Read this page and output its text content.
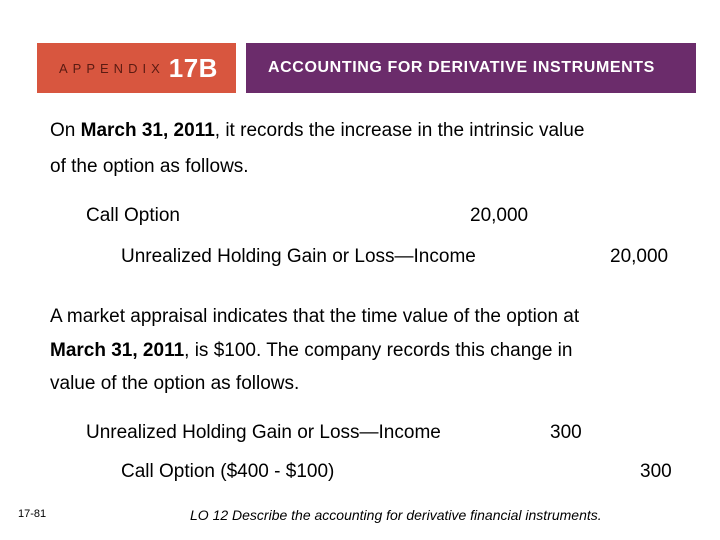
APPENDIX 17B	ACCOUNTING FOR DERIVATIVE INSTRUMENTS
On March 31, 2011, it records the increase in the intrinsic value
of the option as follows.
Call Option	20,000
Unrealized Holding Gain or Loss—Income	20,000
A market appraisal indicates that the time value of the option at
March 31, 2011, is $100. The company records this change in
value of the option as follows.
Unrealized Holding Gain or Loss—Income	300
Call Option ($400 - $100)	300
17-81	LO 12 Describe the accounting for derivative financial instruments.
